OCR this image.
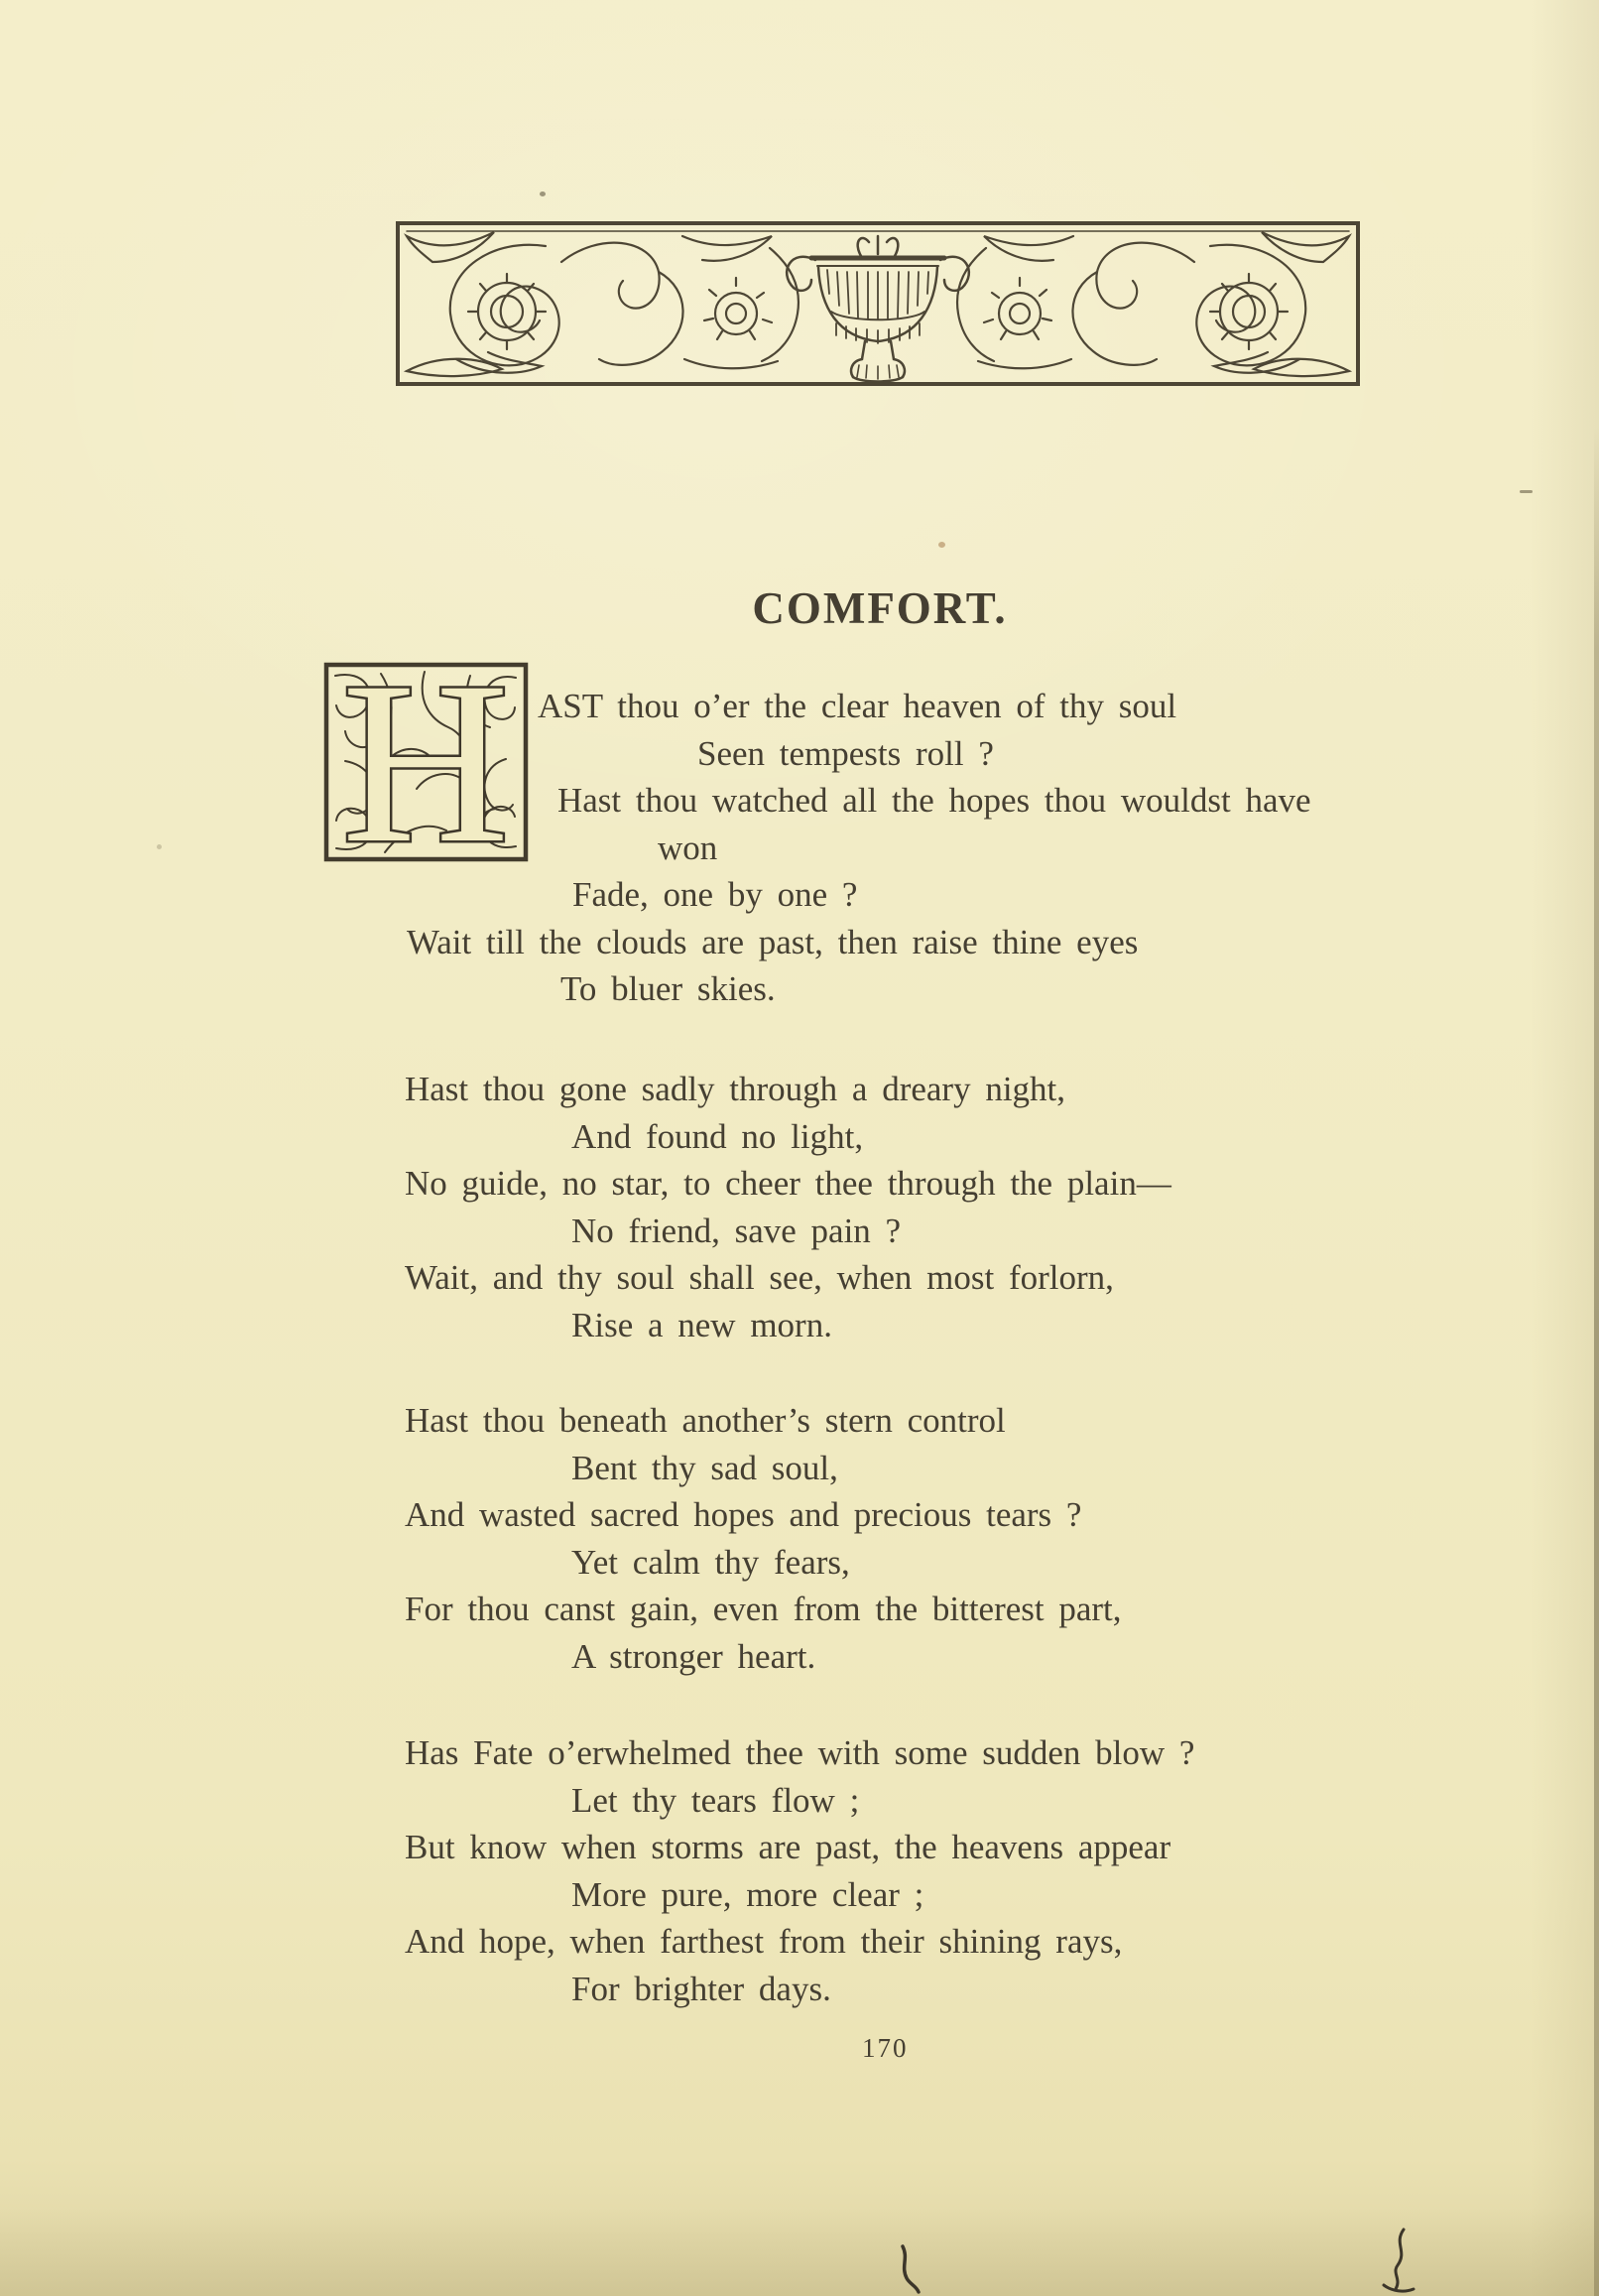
COMFORT.
H AST thou o’er the clear heaven of thy soul
Seen tempests roll ?
Hast thou watched all the hopes thou wouldst have
won
Fade, one by one ?
Wait till the clouds are past, then raise thine eyes
To bluer skies.
Hast thou gone sadly through a dreary night,
And found no light,
No guide, no star, to cheer thee through the plain—
No friend, save pain ?
Wait, and thy soul shall see, when most forlorn,
Rise a new morn.
Hast thou beneath another’s stern control
Bent thy sad soul,
And wasted sacred hopes and precious tears ?
Yet calm thy fears,
For thou canst gain, even from the bitterest part,
A stronger heart.
Has Fate o’erwhelmed thee with some sudden blow ?
Let thy tears flow ;
But know when storms are past, the heavens appear
More pure, more clear ;
And hope, when farthest from their shining rays,
For brighter days.
170
